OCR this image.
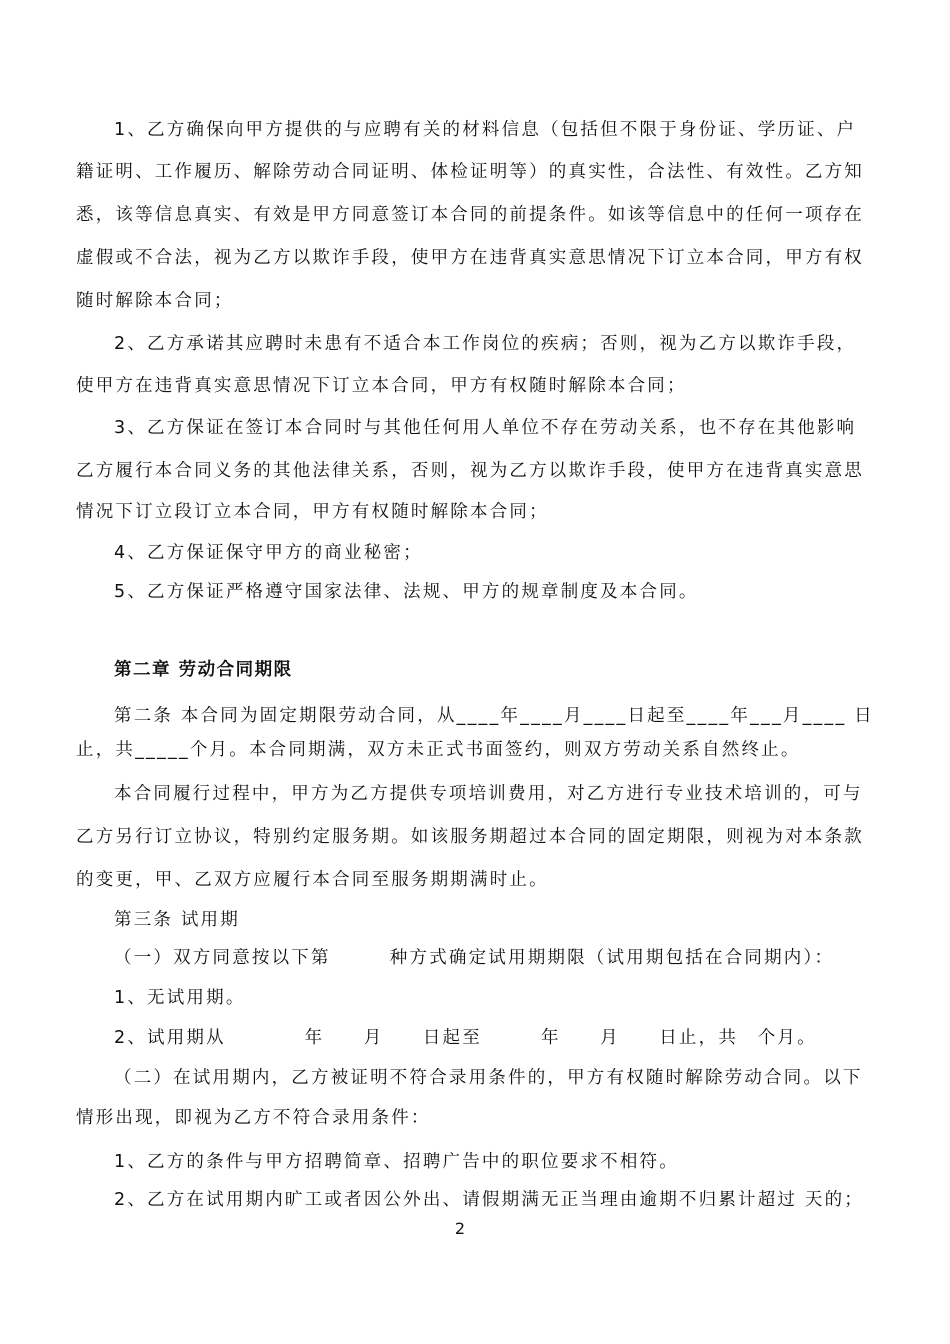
1、乙方确保向甲方提供的与应聘有关的材料信息（包括但不限于身份证、学历证、户
籍证明、工作履历、解除劳动合同证明、体检证明等）的真实性，合法性、有效性。乙方知
悉，该等信息真实、有效是甲方同意签订本合同的前提条件。如该等信息中的任何一项存在
虚假或不合法，视为乙方以欺诈手段，使甲方在违背真实意思情况下订立本合同，甲方有权
随时解除本合同；
2、乙方承诺其应聘时未患有不适合本工作岗位的疾病；否则，视为乙方以欺诈手段，
使甲方在违背真实意思情况下订立本合同，甲方有权随时解除本合同；
3、乙方保证在签订本合同时与其他任何用人单位不存在劳动关系，也不存在其他影响
乙方履行本合同义务的其他法律关系，否则，视为乙方以欺诈手段，使甲方在违背真实意思
情况下订立段订立本合同，甲方有权随时解除本合同；
4、乙方保证保守甲方的商业秘密；
5、乙方保证严格遵守国家法律、法规、甲方的规章制度及本合同。
第二章 劳动合同期限
第二条 本合同为固定期限劳动合同，从____年____月____日起至____年___月____ 日
止，共_____个月。本合同期满，双方未正式书面签约，则双方劳动关系自然终止。
本合同履行过程中，甲方为乙方提供专项培训费用，对乙方进行专业技术培训的，可与
乙方另行订立协议，特别约定服务期。如该服务期超过本合同的固定期限，则视为对本条款
的变更，甲、乙双方应履行本合同至服务期期满时止。
第三条 试用期
（一）双方同意按以下第　　　种方式确定试用期期限（试用期包括在合同期内）：
1、无试用期。
2、试用期从　　　　年　　月　　日起至　　　年　　月　　日止，共　个月。
（二）在试用期内，乙方被证明不符合录用条件的，甲方有权随时解除劳动合同。以下
情形出现，即视为乙方不符合录用条件：
1、乙方的条件与甲方招聘简章、招聘广告中的职位要求不相符。
2、乙方在试用期内旷工或者因公外出、请假期满无正当理由逾期不归累计超过 天的；
2
